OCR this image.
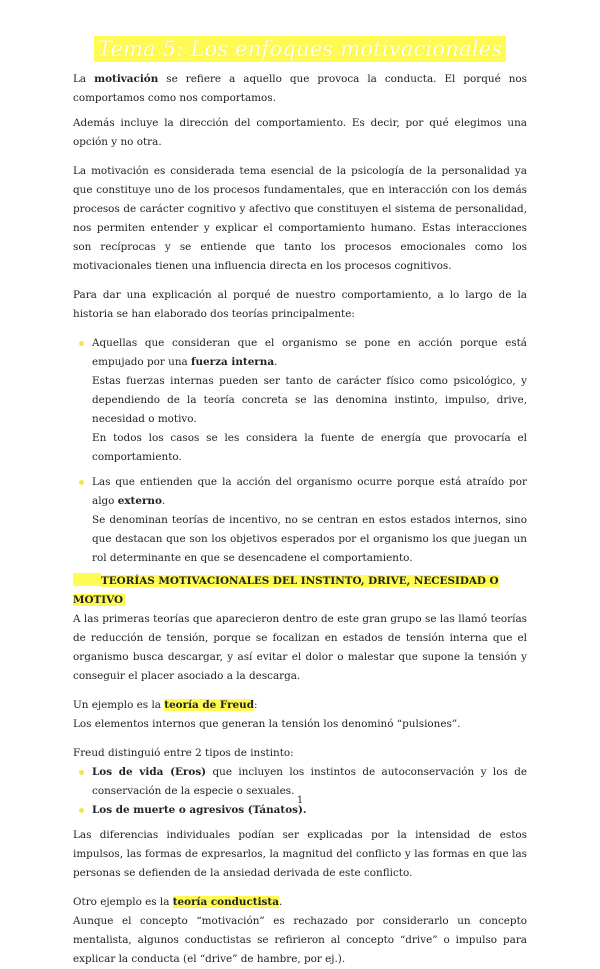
Tema 5: Los enfoques motivacionales

La motivación se refiere a aquello que provoca la conducta. El porqué nos comportamos como nos comportamos.

Además incluye la dirección del comportamiento. Es decir, por qué elegimos una opción y no otra.

La motivación es considerada tema esencial de la psicología de la personalidad ya que constituye uno de los procesos fundamentales, que en interacción con los demás procesos de carácter cognitivo y afectivo que constituyen el sistema de personalidad, nos permiten entender y explicar el comportamiento humano. Estas interacciones son recíprocas y se entiende que tanto los procesos emocionales como los motivacionales tienen una influencia directa en los procesos cognitivos.

Para dar una explicación al porqué de nuestro comportamiento, a lo largo de la historia se han elaborado dos teorías principalmente:

Aquellas que consideran que el organismo se pone en acción porque está empujado por una fuerza interna.
Estas fuerzas internas pueden ser tanto de carácter físico como psicológico, y dependiendo de la teoría concreta se las denomina instinto, impulso, drive, necesidad o motivo.
En todos los casos se les considera la fuente de energía que provocaría el comportamiento.
Las que entienden que la acción del organismo ocurre porque está atraído por algo externo.
Se denominan teorías de incentivo, no se centran en estos estados internos, sino que destacan que son los objetivos esperados por el organismo los que juegan un rol determinante en que se desencadene el comportamiento.
TEORÍAS MOTIVACIONALES DEL INSTINTO, DRIVE, NECESIDAD O MOTIVO

A las primeras teorías que aparecieron dentro de este gran grupo se las llamó teorías de reducción de tensión, porque se focalizan en estados de tensión interna que el organismo busca descargar, y así evitar el dolor o malestar que supone la tensión y conseguir el placer asociado a la descarga.

Un ejemplo es la teoría de Freud:

Los elementos internos que generan la tensión los denominó “pulsiones”.

Freud distinguió entre 2 tipos de instinto:

Los de vida (Eros) que incluyen los instintos de autoconservación y los de conservación de la especie o sexuales.
Los de muerte o agresivos (Tánatos).

Las diferencias individuales podían ser explicadas por la intensidad de estos impulsos, las formas de expresarlos, la magnitud del conflicto y las formas en que las personas se defienden de la ansiedad derivada de este conflicto.

Otro ejemplo es la teoría conductista.

Aunque el concepto “motivación” es rechazado por considerarlo un concepto mentalista, algunos conductistas se refirieron al concepto “drive” o impulso para explicar la conducta (el “drive” de hambre, por ej.).

1
